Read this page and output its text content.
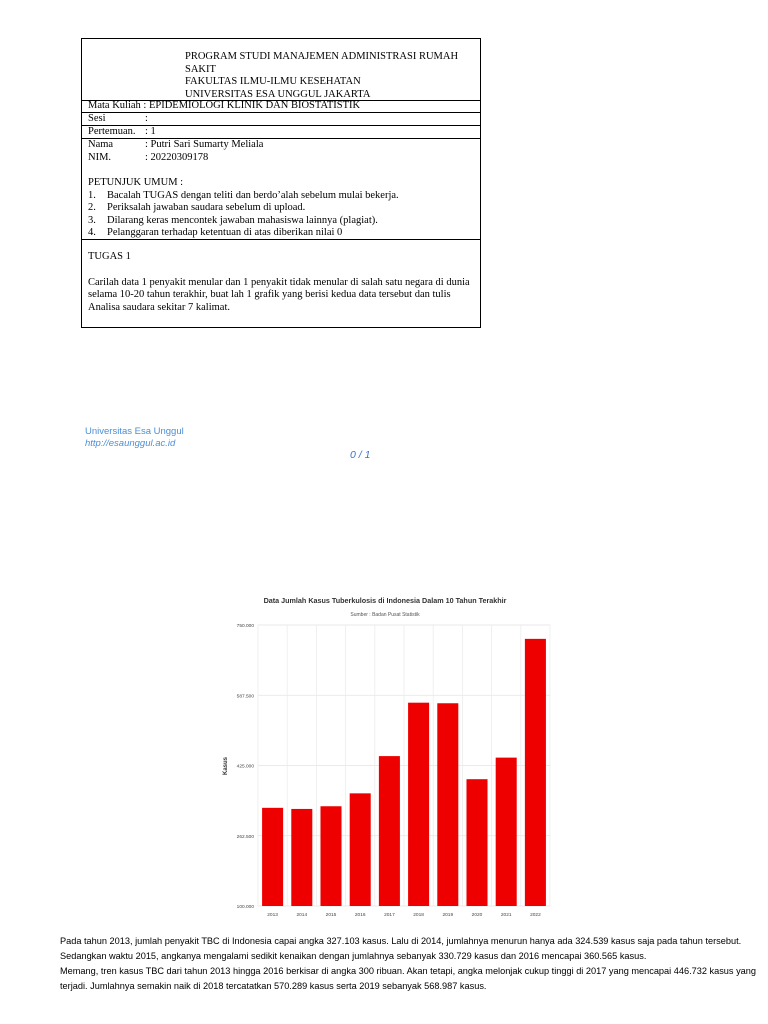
PROGRAM STUDI MANAJEMEN ADMINISTRASI RUMAH
SAKIT
FAKULTAS ILMU-ILMU KESEHATAN
UNIVERSITAS ESA UNGGUL JAKARTA
Mata Kuliah : EPIDEMIOLOGI KLINIK DAN BIOSTATISTIK
Sesi	:
Pertemuan. : 1
Nama	: Putri Sari Sumarty Meliala
NIM.	: 20220309178
PETUNJUK UMUM :
1. Bacalah TUGAS dengan teliti dan berdo’alah sebelum mulai bekerja.
2. Periksalah jawaban saudara sebelum di upload.
3. Dilarang keras mencontek jawaban mahasiswa lainnya (plagiat).
4. Pelanggaran terhadap ketentuan di atas diberikan nilai 0
TUGAS 1
Carilah data 1 penyakit menular dan 1 penyakit tidak menular di salah satu negara di dunia selama 10-20 tahun terakhir, buat lah 1 grafik yang berisi kedua data tersebut dan tulis Analisa saudara sekitar 7 kalimat.
Universitas Esa Unggul
http://esaunggul.ac.id
0 / 1
Data Jumlah Kasus Tuberkulosis di Indonesia Dalam 10 Tahun Terakhir
Sumber : Badan Pusat Statistik
Kasus
100.000
262.500
425.000
587.500
750.000
2013	2014	2015	2016	2017	2018	2019	2020	2021	2022

Pada tahun 2013, jumlah penyakit TBC di Indonesia capai angka 327.103 kasus. Lalu di 2014, jumlahnya menurun hanya ada 324.539 kasus saja pada tahun tersebut. Sedangkan waktu 2015, angkanya mengalami sedikit kenaikan dengan jumlahnya sebanyak 330.729 kasus dan 2016 mencapai 360.565 kasus.

Memang, tren kasus TBC dari tahun 2013 hingga 2016 berkisar di angka 300 ribuan. Akan tetapi, angka melonjak cukup tinggi di 2017 yang mencapai 446.732 kasus yang terjadi. Jumlahnya semakin naik di 2018 tercatatkan 570.289 kasus serta 2019 sebanyak 568.987 kasus.
